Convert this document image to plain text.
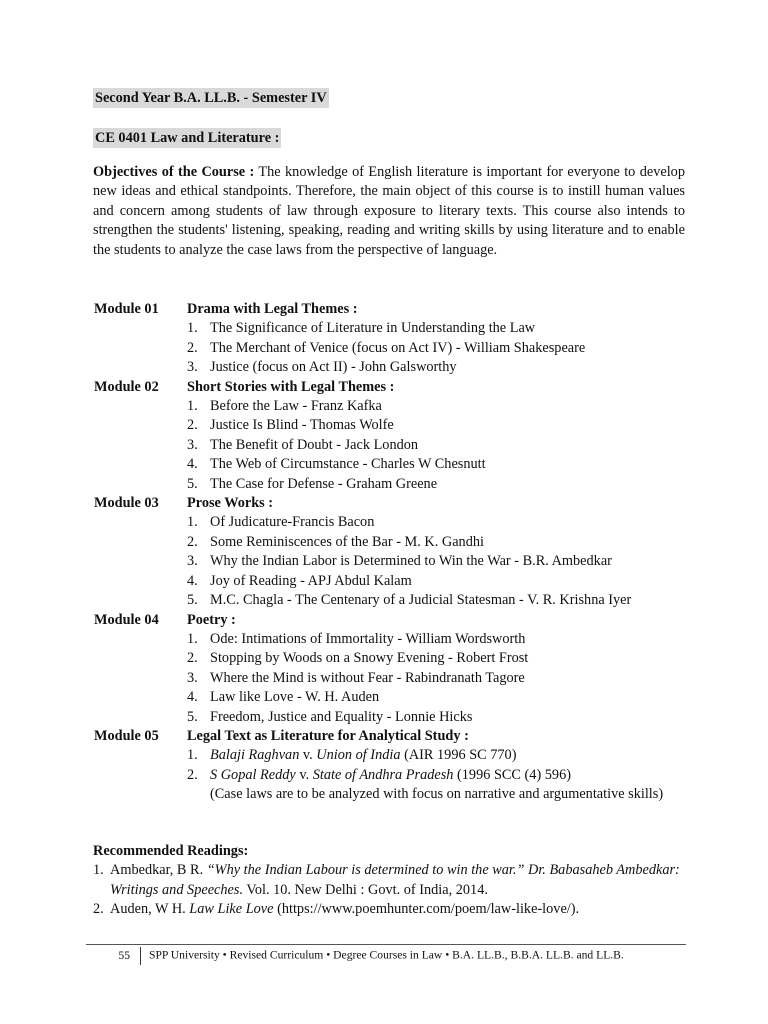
Second Year B.A. LL.B. - Semester IV
CE 0401 Law and Literature :

Objectives of the Course : The knowledge of English literature is important for everyone to develop new ideas and ethical standpoints. Therefore, the main object of this course is to instill human values and concern among students of law through exposure to literary texts. This course also intends to strengthen the students' listening, speaking, reading and writing skills by using literature and to enable the students to analyze the case laws from the perspective of language.

Module 01 Drama with Legal Themes :
1. The Significance of Literature in Understanding the Law
2. The Merchant of Venice (focus on Act IV) - William Shakespeare
3. Justice (focus on Act II) - John Galsworthy
Module 02 Short Stories with Legal Themes :
1. Before the Law - Franz Kafka
2. Justice Is Blind - Thomas Wolfe
3. The Benefit of Doubt - Jack London
4. The Web of Circumstance - Charles W Chesnutt
5. The Case for Defense - Graham Greene
Module 03 Prose Works :
1. Of Judicature-Francis Bacon
2. Some Reminiscences of the Bar - M. K. Gandhi
3. Why the Indian Labor is Determined to Win the War - B.R. Ambedkar
4. Joy of Reading - APJ Abdul Kalam
5. M.C. Chagla - The Centenary of a Judicial Statesman - V. R. Krishna Iyer
Module 04 Poetry :
1. Ode: Intimations of Immortality - William Wordsworth
2. Stopping by Woods on a Snowy Evening - Robert Frost
3. Where the Mind is without Fear - Rabindranath Tagore
4. Law like Love - W. H. Auden
5. Freedom, Justice and Equality - Lonnie Hicks
Module 05 Legal Text as Literature for Analytical Study :
1. Balaji Raghvan v. Union of India (AIR 1996 SC 770)
2. S Gopal Reddy v. State of Andhra Pradesh (1996 SCC (4) 596)
(Case laws are to be analyzed with focus on narrative and argumentative skills)
Recommended Readings:
1. Ambedkar, B R. “Why the Indian Labour is determined to win the war.” Dr. Babasaheb Ambedkar: Writings and Speeches. Vol. 10. New Delhi : Govt. of India, 2014.
2. Auden, W H. Law Like Love (https://www.poemhunter.com/poem/law-like-love/).
55 SPP University • Revised Curriculum • Degree Courses in Law • B.A. LL.B., B.B.A. LL.B. and LL.B.
